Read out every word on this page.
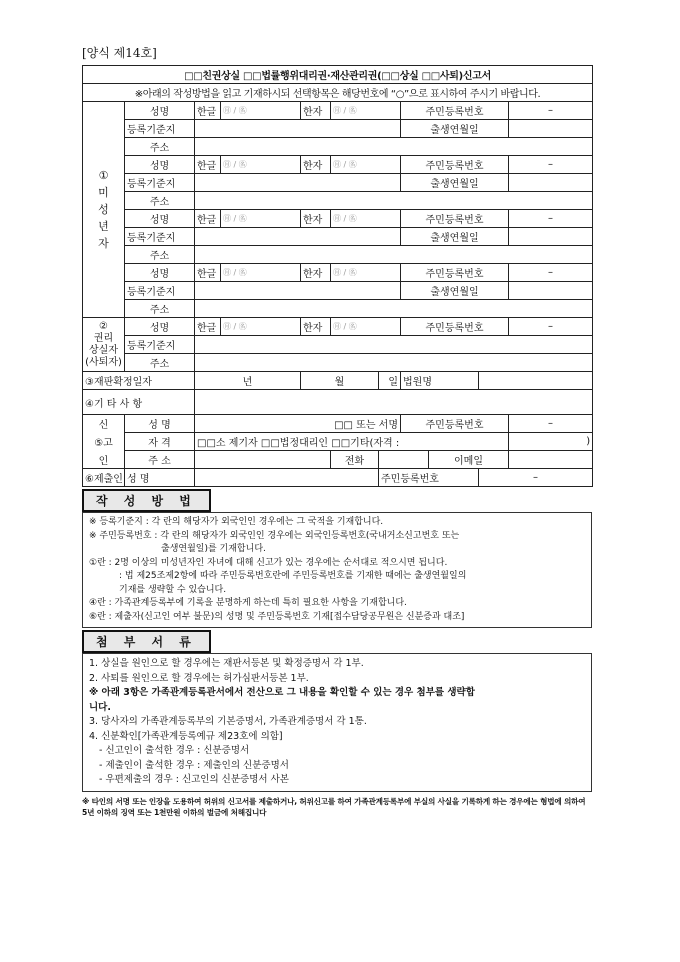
[양식 제14호]
□□친권상실 □□법률행위대리권·재산관리권(□□상실 □□사퇴)신고서										
※아래의 작성방법을 읽고 기재하시되 선택항목은 해당번호에 “○”으로 표시하여 주시기 바랍니다.										

①
미
성
년
자	성명	한글	㊊ / ㊔	한자	㊊ / ㊔		주민등록번호			–
	등록기준지						출생연월일			
	주소									
	성명	한글	㊊ / ㊔	한자	㊊ / ㊔		주민등록번호			–
	등록기준지						출생연월일			
	주소									
	성명	한글	㊊ / ㊔	한자	㊊ / ㊔		주민등록번호			–
	등록기준지						출생연월일			
	주소									
	성명	한글	㊊ / ㊔	한자	㊊ / ㊔		주민등록번호			–
	등록기준지						출생연월일			
	주소									

②
권리
상실자
(사퇴자)	성명	한글	㊊ / ㊔	한자	㊊ / ㊔		주민등록번호			–
	등록기준지									
	주소									
③재판확정일자		년		월		일	법원명			
④기 타 사 항										
신	성 명	□□ 또는 서명					주민등록번호			–
⑤고	자 격	□□소 제기자 □□법정대리인 □□기타(자격 :								)
인	주 소				전화			이메일		
⑥제출인	성 명					주민등록번호			–	
작 성 방 법
※ 등록기준지 : 각 란의 해당자가 외국인인 경우에는 그 국적을 기재합니다.
※ 주민등록번호 : 각 란의 해당자가 외국인인 경우에는 외국인등록번호(국내거소신고번호 또는
출생연월일)를 기재합니다.
①란 : 2명 이상의 미성년자인 자녀에 대해 신고가 있는 경우에는 순서대로 적으시면 됩니다.
: 법 제25조제2항에 따라 주민등록번호란에 주민등록번호를 기재한 때에는 출생연월일의
기재를 생략할 수 있습니다.
④란 : 가족관계등록부에 기록을 분명하게 하는데 특히 필요한 사항을 기재합니다.
⑥란 : 제출자(신고인 여부 불문)의 성명 및 주민등록번호 기재[접수담당공무원은 신분증과 대조]
첨 부 서 류
1. 상실을 원인으로 할 경우에는 재판서등본 및 확정증명서 각 1부.
2. 사퇴를 원인으로 할 경우에는 허가심판서등본 1부.
※ 아래 3항은 가족관계등록관서에서 전산으로 그 내용을 확인할 수 있는 경우 첨부를 생략합
니다.
3. 당사자의 가족관계등록부의 기본증명서, 가족관계증명서 각 1통.
4. 신분확인[가족관계등록예규 제23호에 의함]
- 신고인이 출석한 경우 : 신분증명서
- 제출인이 출석한 경우 : 제출인의 신분증명서
- 우편제출의 경우 : 신고인의 신분증명서 사본
※ 타인의 서명 또는 인장을 도용하여 허위의 신고서를 제출하거나, 허위신고를 하여 가족관계등록부에 부실의 사실을 기록하게 하는 경우에는 형법에 의하여 5년 이하의 징역 또는 1천만원 이하의 벌금에 처해집니다
